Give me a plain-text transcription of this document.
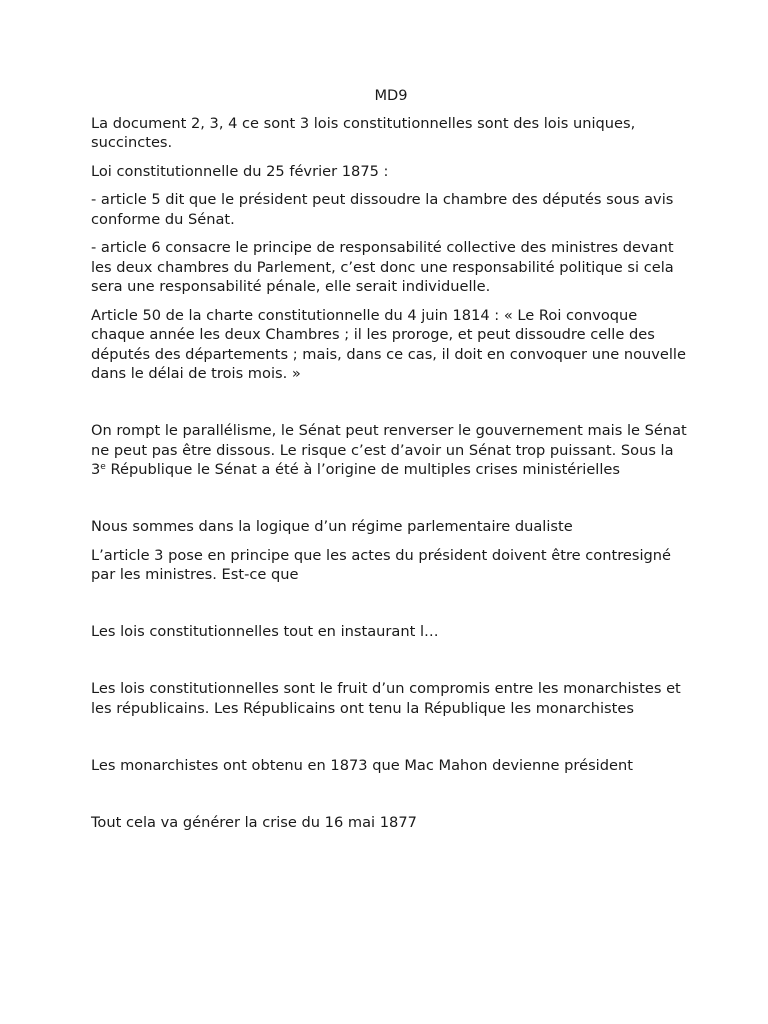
MD9

La document 2, 3, 4 ce sont 3 lois constitutionnelles sont des lois uniques, succinctes.

Loi constitutionnelle du 25 février 1875 :

- article 5 dit que le président peut dissoudre la chambre des députés sous avis conforme du Sénat.

- article 6 consacre le principe de responsabilité collective des ministres devant les deux chambres du Parlement, c’est donc une responsabilité politique si cela sera une responsabilité pénale, elle serait individuelle.

Article 50 de la charte constitutionnelle du 4 juin 1814 : « Le Roi convoque chaque année les deux Chambres ; il les proroge, et peut dissoudre celle des députés des départements ; mais, dans ce cas, il doit en convoquer une nouvelle dans le délai de trois mois. »

On rompt le parallélisme, le Sénat peut renverser le gouvernement mais le Sénat ne peut pas être dissous. Le risque c’est d’avoir un Sénat trop puissant. Sous la 3e République le Sénat a été à l’origine de multiples crises ministérielles

Nous sommes dans la logique d’un régime parlementaire dualiste

L’article 3 pose en principe que les actes du président doivent être contresigné par les ministres. Est-ce que

Les lois constitutionnelles tout en instaurant l…

Les lois constitutionnelles sont le fruit d’un compromis entre les monarchistes et les républicains. Les Républicains ont tenu la République les monarchistes

Les monarchistes ont obtenu en 1873 que Mac Mahon devienne président

Tout cela va générer la crise du 16 mai 1877
